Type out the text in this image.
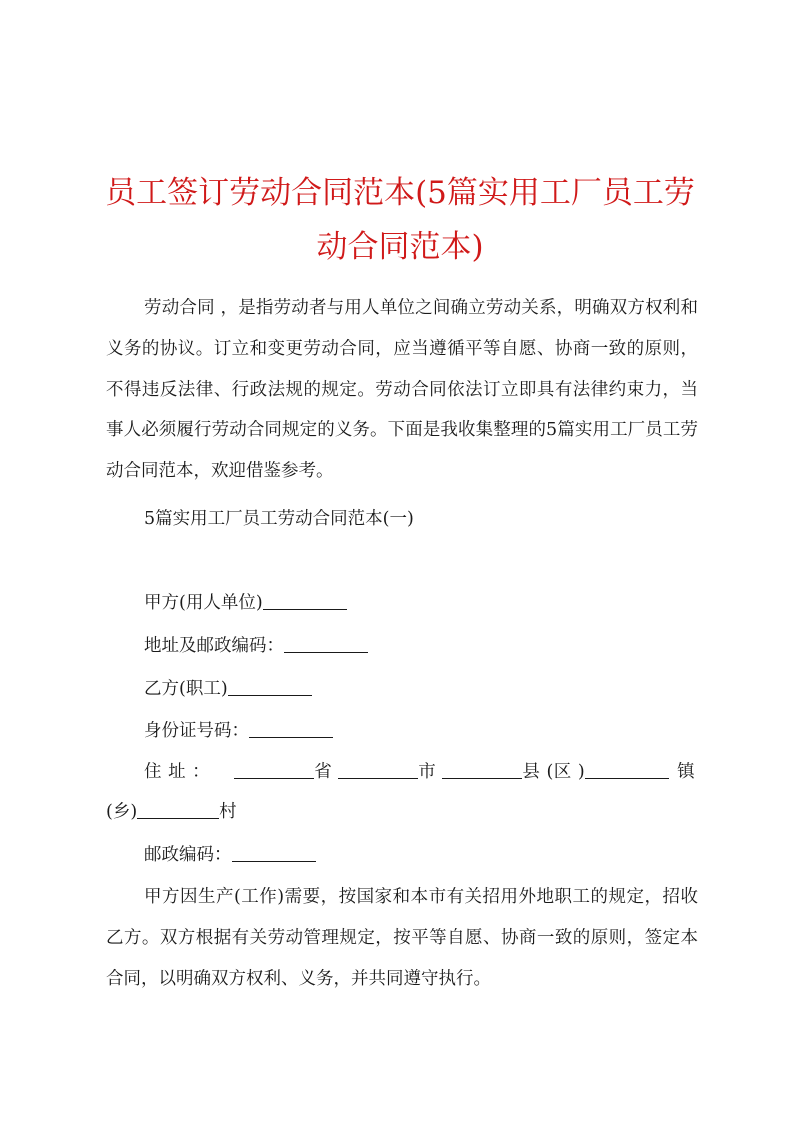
员工签订劳动合同范本(5篇实用工厂员工劳动合同范本)

劳动合同 ，是指劳动者与用人单位之间确立劳动关系，明确双方权利和义务的协议。订立和变更劳动合同，应当遵循平等自愿、协商一致的原则，不得违反法律、行政法规的规定。劳动合同依法订立即具有法律约束力，当事人必须履行劳动合同规定的义务。下面是我收集整理的5篇实用工厂员工劳动合同范本，欢迎借鉴参考。

5篇实用工厂员工劳动合同范本(一)

甲方(用人单位)

地址及邮政编码：

乙方(职工)

身份证号码：

住 址 ：	省	市	县 (区 )	镇

(乡)	村

邮政编码：

甲方因生产(工作)需要，按国家和本市有关招用外地职工的规定，招收乙方。双方根据有关劳动管理规定，按平等自愿、协商一致的原则，签定本合同，以明确双方权利、义务，并共同遵守执行。
